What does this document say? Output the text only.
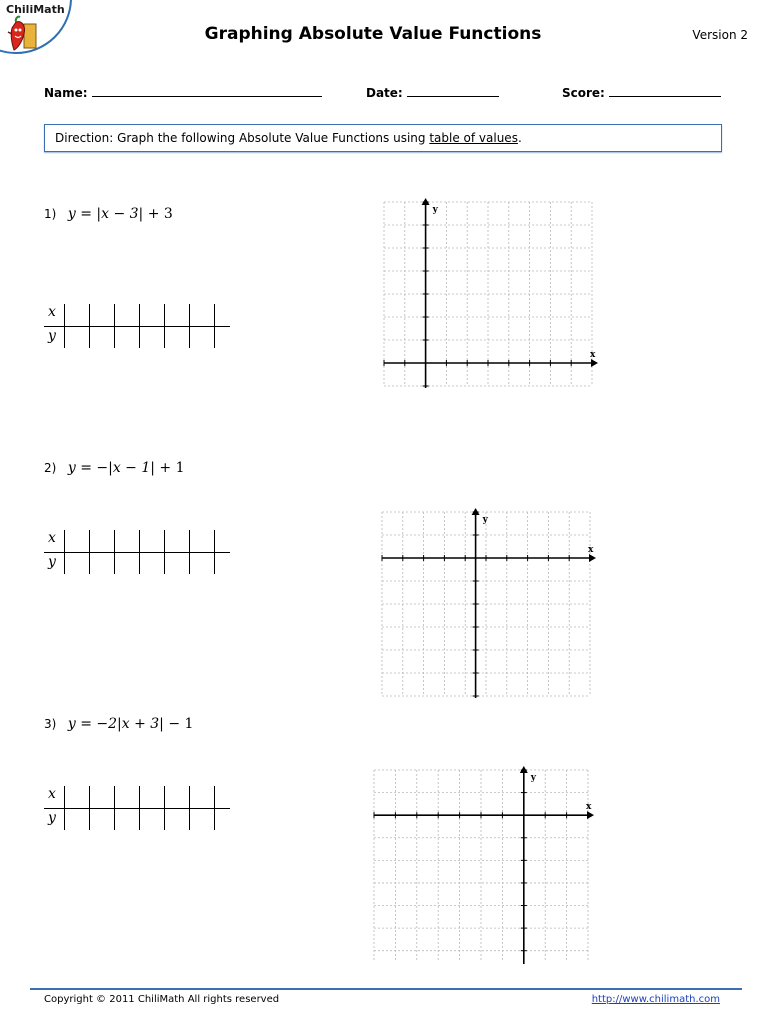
ChiliMath
Graphing Absolute Value Functions	Version 2
Name:	Date:	Score:
Direction: Graph the following Absolute Value Functions using table of values.
1) y = |x − 3| + 3
x
y
x
y
2) y = −|x − 1| + 1
x
y
x
y
3) y = −2|x + 3| − 1
x
y
x
y
Copyright © 2011 ChiliMath All rights reserved	http://www.chilimath.com
